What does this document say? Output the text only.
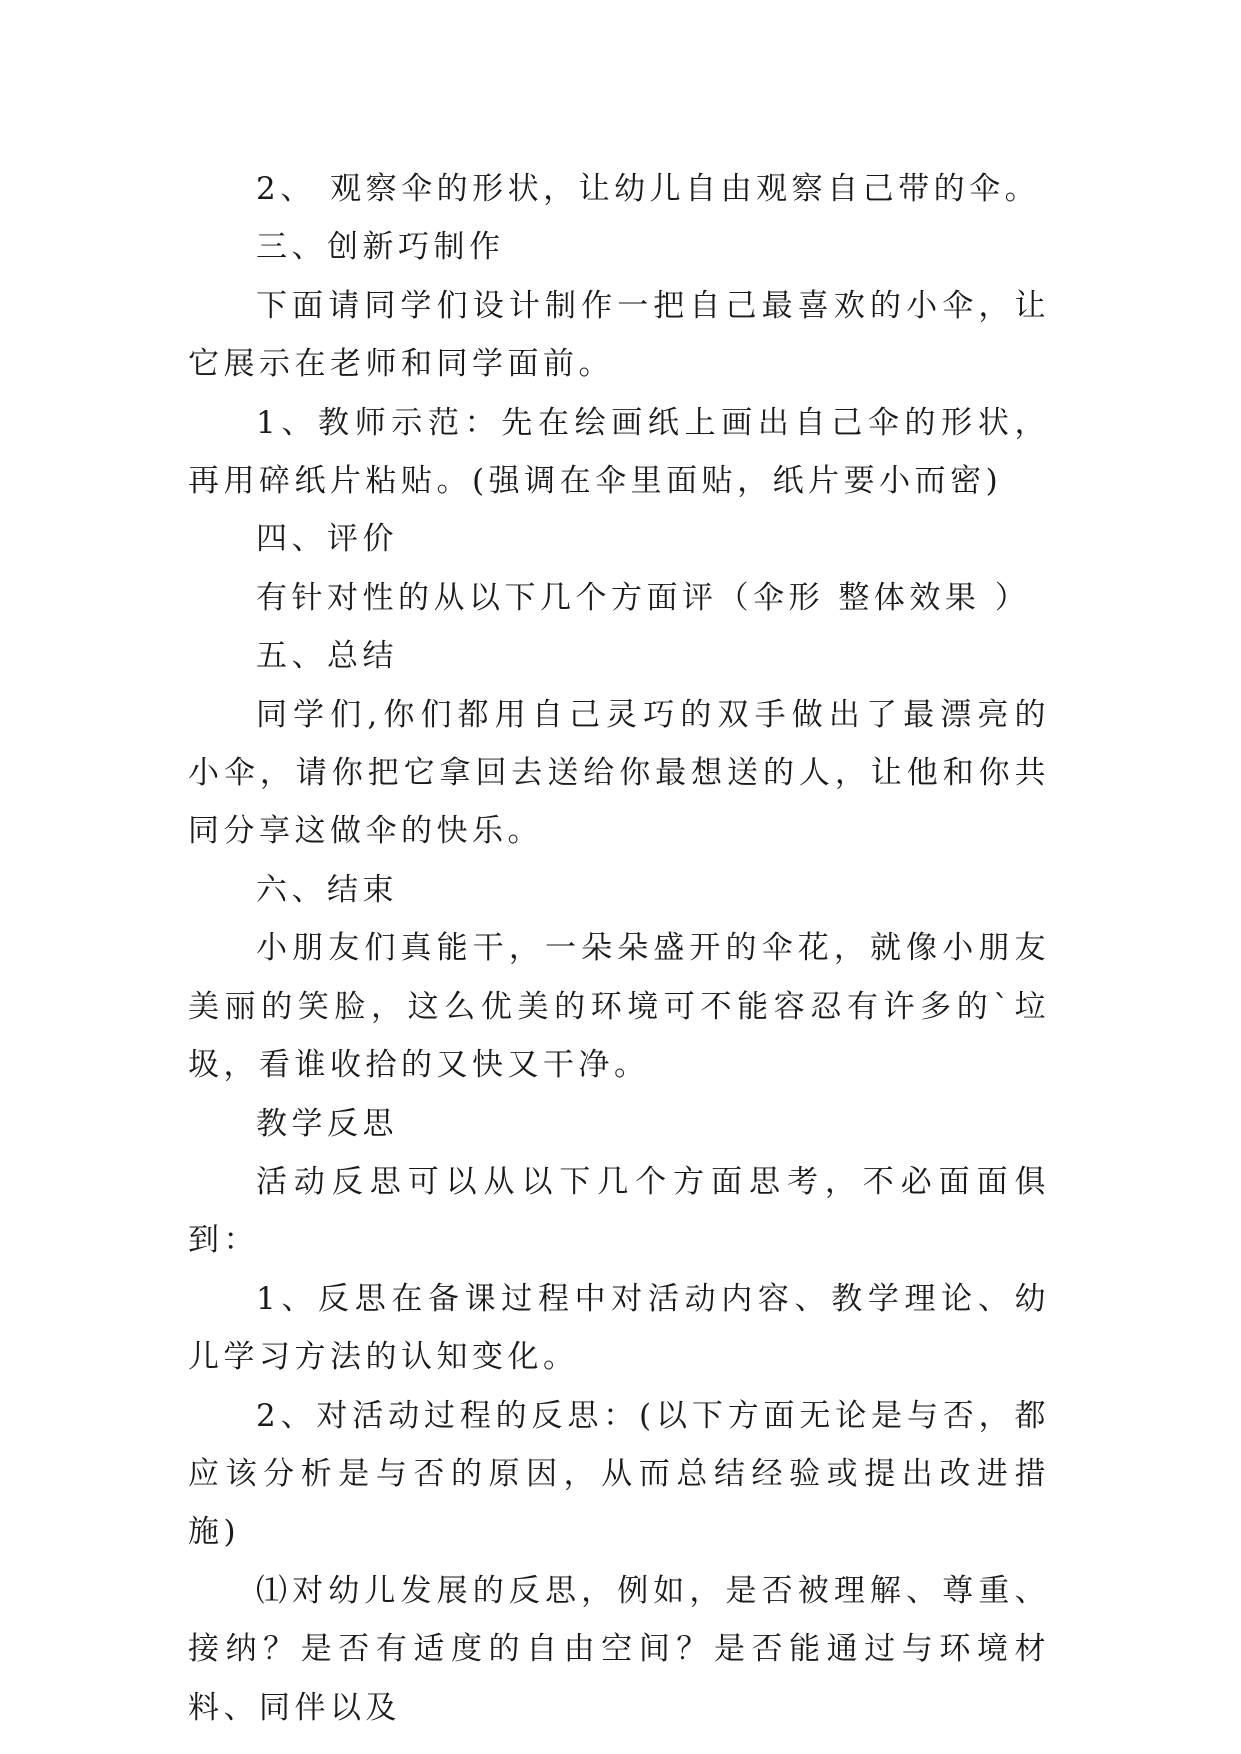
2、 观察伞的形状，让幼儿自由观察自己带的伞。

三、创新巧制作

下面请同学们设计制作一把自己最喜欢的小伞，让它展示在老师和同学面前。

1、教师示范：先在绘画纸上画出自己伞的形状，再用碎纸片粘贴。(强调在伞里面贴，纸片要小而密)

四、评价

有针对性的从以下几个方面评（伞形 整体效果 ）

五、总结

同学们,你们都用自己灵巧的双手做出了最漂亮的小伞，请你把它拿回去送给你最想送的人，让他和你共同分享这做伞的快乐。

六、结束

小朋友们真能干，一朵朵盛开的伞花，就像小朋友美丽的笑脸，这么优美的环境可不能容忍有许多的`垃圾，看谁收拾的又快又干净。

教学反思

活动反思可以从以下几个方面思考，不必面面俱到：

1、反思在备课过程中对活动内容、教学理论、幼儿学习方法的认知变化。

2、对活动过程的反思：(以下方面无论是与否，都应该分析是与否的原因，从而总结经验或提出改进措施)

⑴对幼儿发展的反思，例如，是否被理解、尊重、接纳？是否有适度的自由空间？是否能通过与环境材料、同伴以及
